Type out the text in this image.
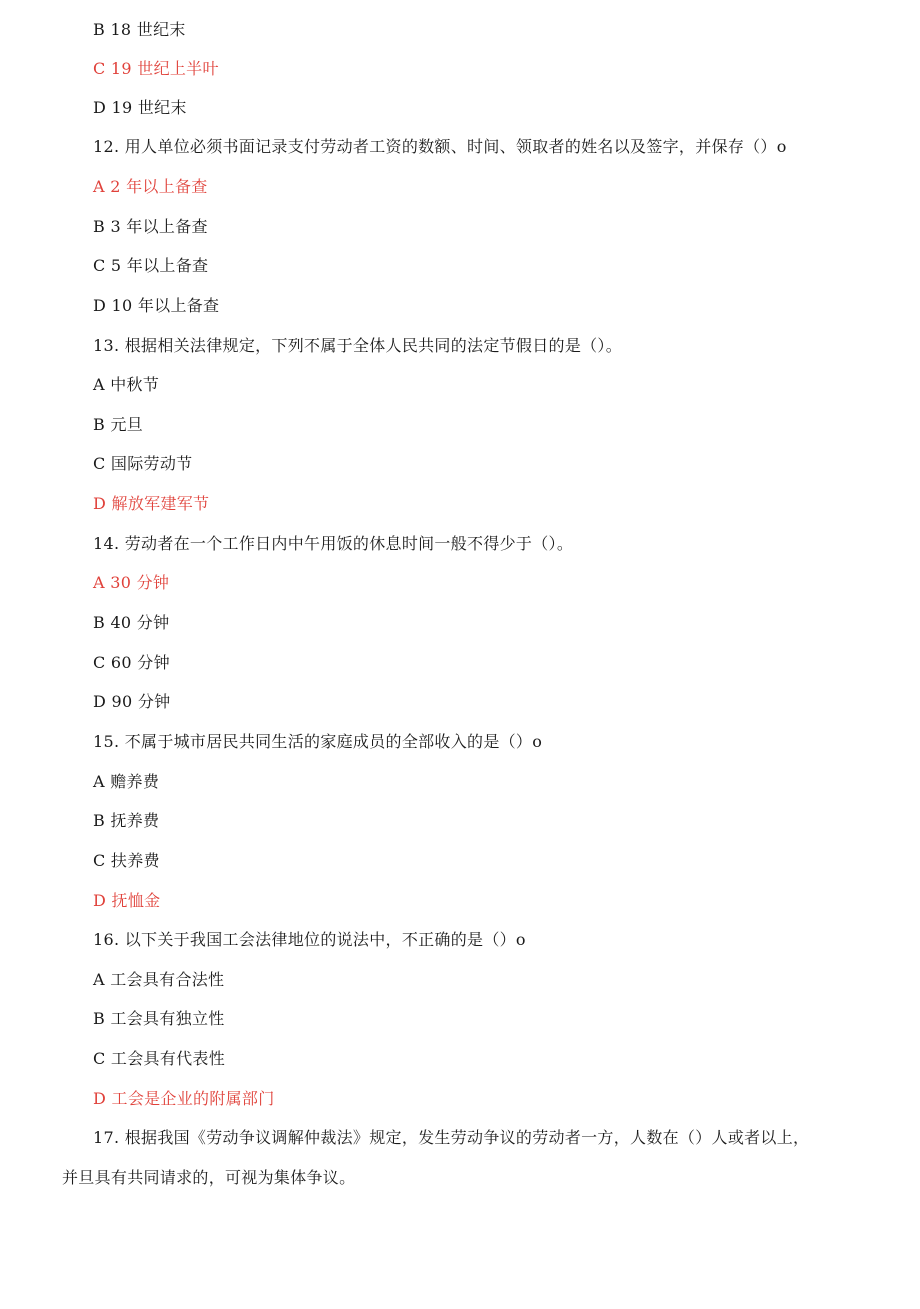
B 18 世纪末
C 19 世纪上半叶
D 19 世纪末
12. 用人单位必须书面记录支付劳动者工资的数额、时间、领取者的姓名以及签字，并保存（）o
A 2 年以上备查
B 3 年以上备查
C 5 年以上备查
D 10 年以上备查
13. 根据相关法律规定，下列不属于全体人民共同的法定节假日的是（）。
A 中秋节
B 元旦
C 国际劳动节
D 解放军建军节
14. 劳动者在一个工作日内中午用饭的休息时间一般不得少于（）。
A 30 分钟
B 40 分钟
C 60 分钟
D 90 分钟
15. 不属于城市居民共同生活的家庭成员的全部收入的是（）o
A 赡养费
B 抚养费
C 扶养费
D 抚恤金
16. 以下关于我国工会法律地位的说法中，不正确的是（）o
A 工会具有合法性
B 工会具有独立性
C 工会具有代表性
D 工会是企业的附属部门
17. 根据我国《劳动争议调解仲裁法》规定，发生劳动争议的劳动者一方，人数在（）人或者以上，
并旦具有共同请求的，可视为集体争议。
